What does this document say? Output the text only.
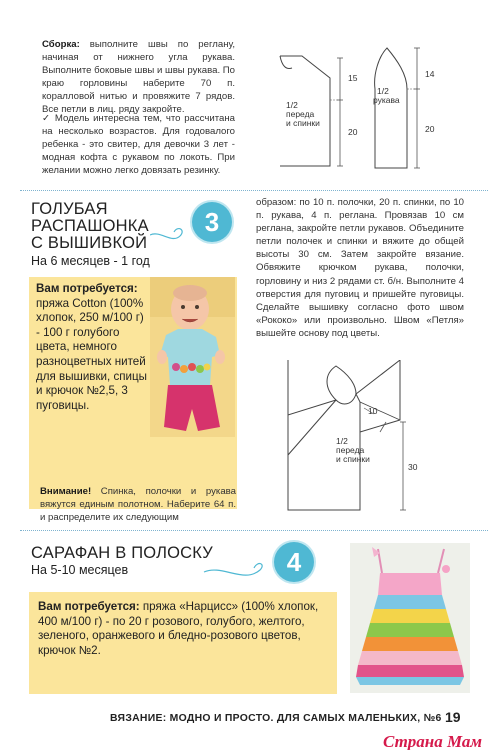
Сборка: выполните швы по реглану, начиная от нижнего угла рукава. Выполните боковые швы и швы рукава. По краю горловины наберите 70 п. коралловой нитью и провяжите 7 рядов. Все петли в лиц. ряду закройте.
✓ Модель интересна тем, что рассчитана на несколько возрастов. Для годовалого ребенка - это свитер, для девочки 3 лет - модная кофта с рукавом по локоть. При желании можно легко довязать резинку.
1/2
переда
и спинки
15
20
1/2
рукава
14
20
ГОЛУБАЯ
РАСПАШОНКА
С ВЫШИВКОЙ
На 6 месяцев - 1 год
3
Вам потребуется: пряжа Cotton (100% хлопок, 250 м/100 г) - 100 г голубого цвета, немного разноцветных нитей для вышивки, спицы и крючок №2,5, 3 пуговицы.
Внимание! Спинка, полочки и рукава вяжутся единым полотном. Наберите 64 п. и распределите их следующим
образом: по 10 п. полочки, 20 п. спинки, по 10 п. рукава, 4 п. реглана. Провязав 10 см реглана, закройте петли рукавов. Объедините петли полочек и спинки и вяжите до общей высоты 30 см. Затем закройте вязание. Обвяжите крючком рукава, полочки, горловину и низ 2 рядами ст. б/н. Выполните 4 отверстия для пуговиц и пришейте пуговицы. Сделайте вышивку согласно фото швом «Рококо» или произвольно. Швом «Петля» вышейте основу под цветы.
10
1/2
переда
и спинки
30
САРАФАН В ПОЛОСКУ
На 5-10 месяцев	4
Вам потребуется: пряжа «Нарцисс» (100% хлопок, 400 м/100 г) - по 20 г розового, голубого, желтого, зеленого, оранжевого и бледно-розового цветов, крючок №2.
ВЯЗАНИЕ: МОДНО И ПРОСТО. ДЛЯ САМЫХ МАЛЕНЬКИХ, №6 19
Страна Мам
